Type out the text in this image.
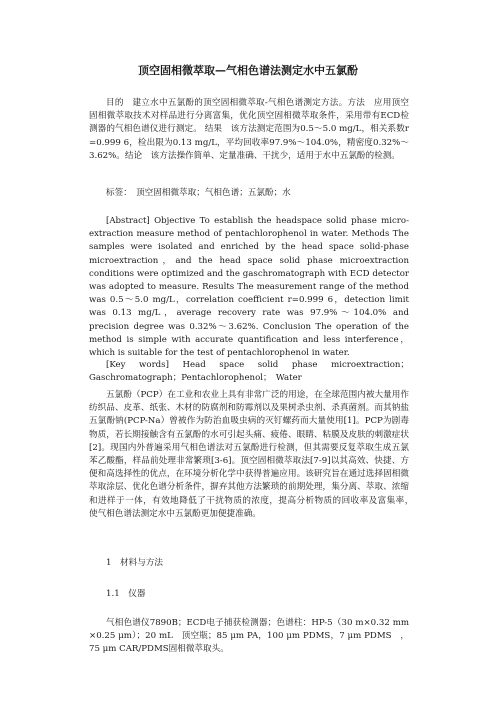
顶空固相微萃取—气相色谱法测定水中五氯酚
目的　建立水中五氯酚的顶空固相微萃取-气相色谱测定方法。方法　应用顶空固相微萃取技术对样品进行分离富集，优化顶空固相微萃取条件，采用带有ECD检测器的气相色谱仪进行测定。 结果　该方法测定范围为0.5～5.0 mg/L，相关系数r=0.999 6，检出限为0.13 mg/L，平均回收率97.9%～104.0%，精密度0.32%～3.62%。结论　该方法操作简单、定量准确、干扰少，适用于水中五氯酚的检测。
标签：　顶空固相微萃取；气相色谱；五氯酚；水
[Abstract] Objective To establish the headspace solid phase micro-extraction measure method of pentachlorophenol in water. Methods The samples were isolated and enriched by the head space solid-phase microextraction，and the head space solid phase microextraction conditions were optimized and the gaschromatograph with ECD detector was adopted to measure. Results The measurement range of the method was 0.5～5.0 mg/L，correlation coefficient r=0.999 6，detection limit was 0.13 mg/L，average recovery rate was 97.9%～104.0% and precision degree was 0.32%～3.62%. Conclusion The operation of the method is simple with accurate quantification and less interference，which is suitable for the test of pentachlorophenol in water.
[Key words] Head space solid phase microextraction；Gaschromatograph；Pentachlorophenol；　Water
五氯酚（PCP）在工业和农业上具有非常广泛的用途，在全球范围内被大量用作纺织品、皮革、纸张、木材的防腐剂和防霉剂以及果树杀虫剂、杀真菌剂。而其钠盐五氯酚钠(PCP-Na）曾被作为防治血吸虫病的灭钉螺药而大量使用[1]。PCP为剧毒物质，若长期接触含有五氯酚的水可引起头痛、疲倦、眼睛、粘膜及皮肤的刺激症状[2]。现国内外普遍采用气相色谱法对五氯酚进行检测，但其需要反复萃取生成五氯苯乙酸酯，样品前处理非常繁琐[3-6]。顶空固相微萃取法[7-9]以其高效、快捷、方便和高选择性的优点，在环境分析化学中获得普遍应用。该研究旨在通过选择固相微萃取涂层、优化色谱分析条件，摒弃其他方法繁琐的前期处理，集分离、萃取、浓缩和进样于一体，有效地降低了干扰物质的浓度，提高分析物质的回收率及富集率，　使气相色谱法测定水中五氯酚更加便捷准确。
1　材料与方法
1.1　仪器
气相色谱仪7890B；ECD电子捕获检测器；色谱柱：HP-5（30 m×0.32 mm×0.25 μm）；20 mL　顶空瓶；85 μm PA，100 μm PDMS，7 μm PDMS　，75 μm CAR/PDMS固相微萃取头。
